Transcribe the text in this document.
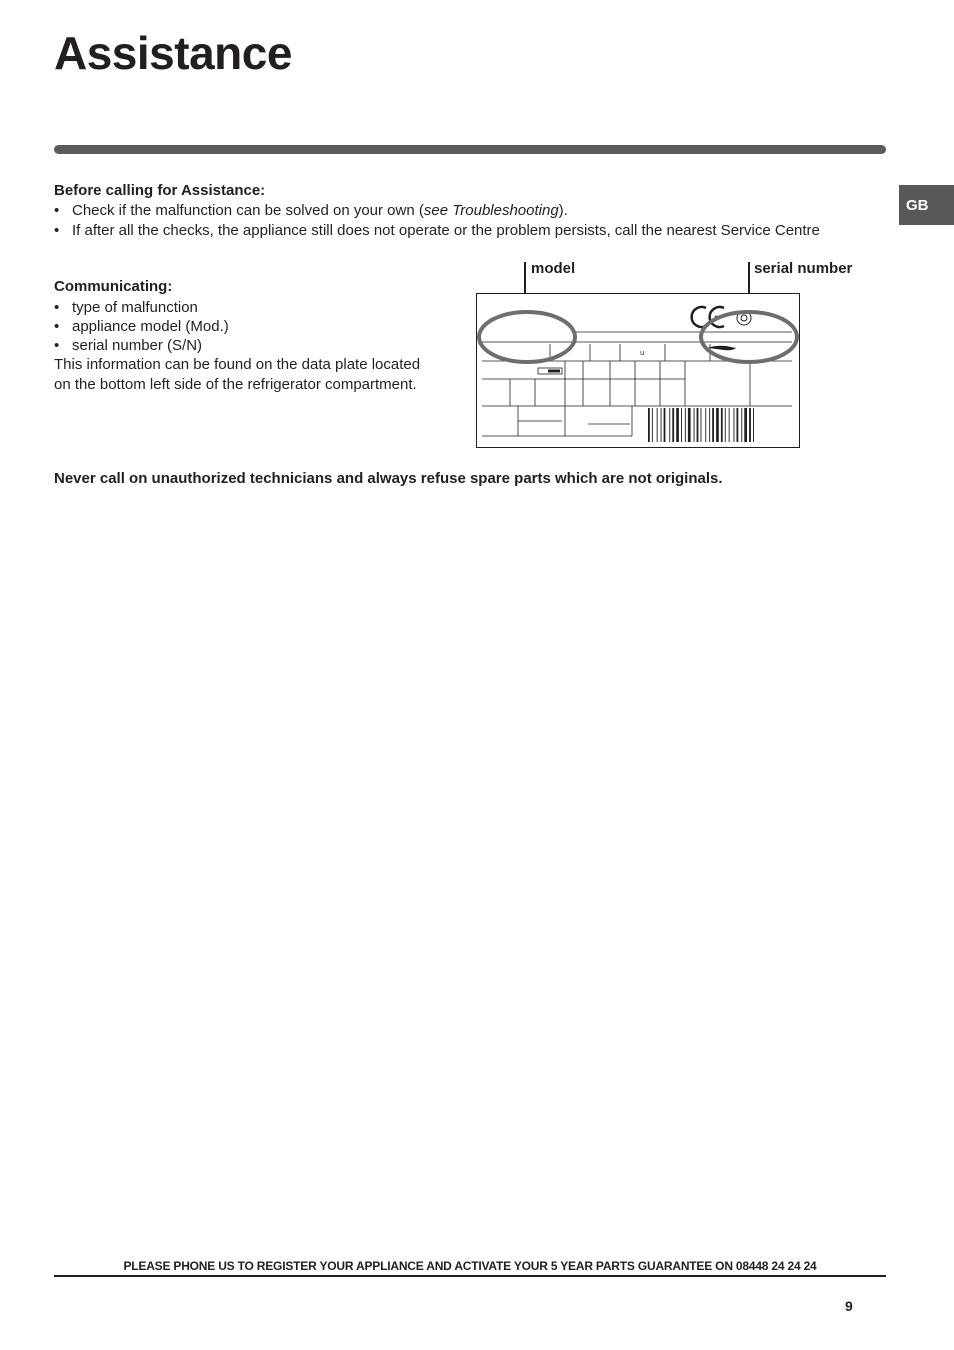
Assistance
GB
Before calling for Assistance:
• Check if the malfunction can be solved on your own (see Troubleshooting).
• If after all the checks, the appliance still does not operate or the problem persists, call the nearest Service Centre
Communicating:
• type of malfunction
• appliance model (Mod.)
• serial number (S/N)
This information can be found on the data plate located
on the bottom left side of the refrigerator compartment.
model	serial number
u

Never call on unauthorized technicians and always refuse spare parts which are not originals.

PLEASE PHONE US TO REGISTER YOUR APPLIANCE AND ACTIVATE YOUR 5 YEAR PARTS GUARANTEE ON 08448 24 24 24
9
